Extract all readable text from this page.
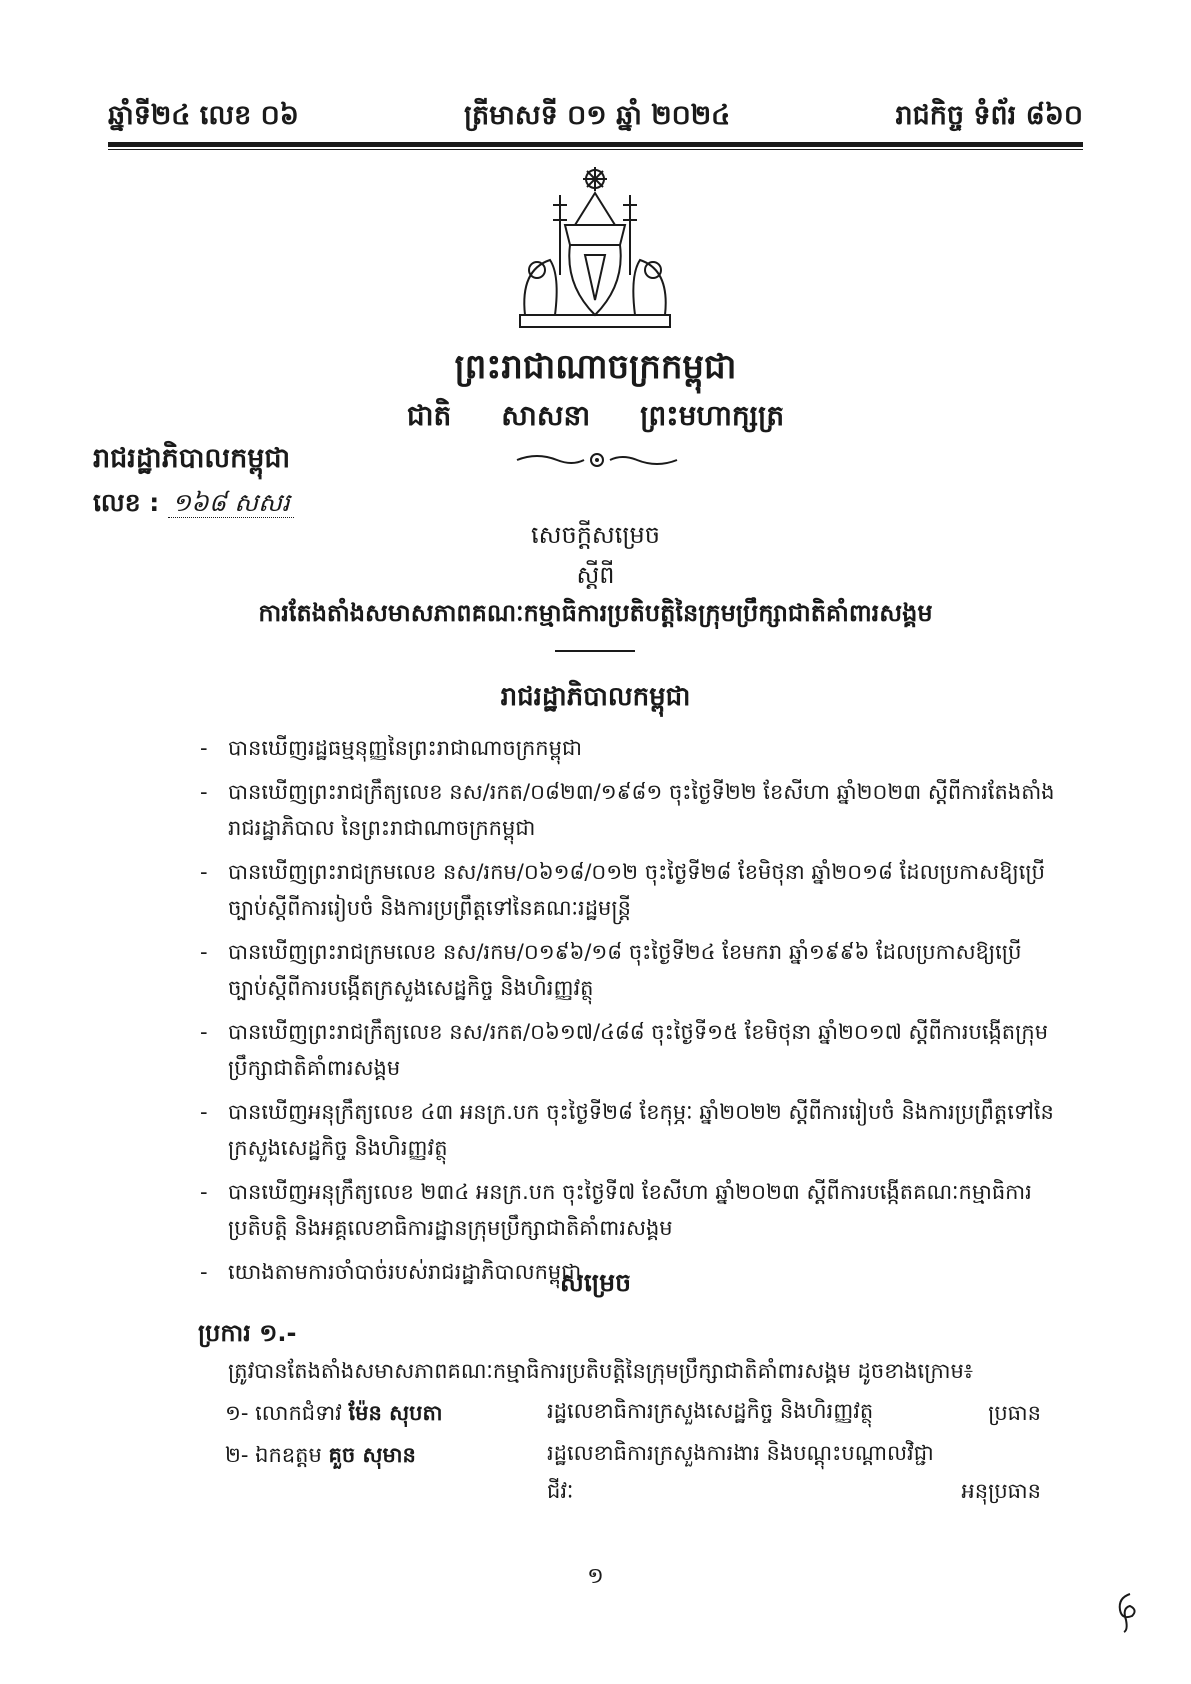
ឆ្នាំទី២៤ លេខ ០៦	ត្រីមាសទី ០១ ឆ្នាំ ២០២៤	រាជកិច្ច ទំព័រ ៨៦០
ព្រះរាជាណាចក្រកម្ពុជា
ជាតិ សាសនា ព្រះមហាក្សត្រ
រាជរដ្ឋាភិបាលកម្ពុជា
លេខ : ១៦៨ សសរ
សេចក្តីសម្រេច
ស្តីពី
ការតែងតាំងសមាសភាពគណៈកម្មាធិការប្រតិបត្តិនៃក្រុមប្រឹក្សាជាតិគាំពារសង្គម
រាជរដ្ឋាភិបាលកម្ពុជា
- បានឃើញរដ្ឋធម្មនុញ្ញនៃព្រះរាជាណាចក្រកម្ពុជា
- បានឃើញព្រះរាជក្រឹត្យលេខ នស/រកត/០៨២៣/១៩៨១ ចុះថ្ងៃទី២២ ខែសីហា ឆ្នាំ២០២៣ ស្តីពីការតែងតាំងរាជរដ្ឋាភិបាល នៃព្រះរាជាណាចក្រកម្ពុជា
- បានឃើញព្រះរាជក្រមលេខ នស/រកម/០៦១៨/០១២ ចុះថ្ងៃទី២៨ ខែមិថុនា ឆ្នាំ២០១៨ ដែលប្រកាសឱ្យប្រើច្បាប់ស្តីពីការរៀបចំ និងការប្រព្រឹត្តទៅនៃគណៈរដ្ឋមន្ត្រី
- បានឃើញព្រះរាជក្រមលេខ នស/រកម/០១៩៦/១៨ ចុះថ្ងៃទី២៤ ខែមករា ឆ្នាំ១៩៩៦ ដែលប្រកាសឱ្យប្រើច្បាប់ស្តីពីការបង្កើតក្រសួងសេដ្ឋកិច្ច និងហិរញ្ញវត្ថុ
- បានឃើញព្រះរាជក្រឹត្យលេខ នស/រកត/០៦១៧/៤៨៨ ចុះថ្ងៃទី១៥ ខែមិថុនា ឆ្នាំ២០១៧ ស្តីពីការបង្កើតក្រុមប្រឹក្សាជាតិគាំពារសង្គម
- បានឃើញអនុក្រឹត្យលេខ ៤៣ អនក្រ.បក ចុះថ្ងៃទី២៨ ខែកុម្ភៈ ឆ្នាំ២០២២ ស្តីពីការរៀបចំ និងការប្រព្រឹត្តទៅនៃក្រសួងសេដ្ឋកិច្ច និងហិរញ្ញវត្ថុ
- បានឃើញអនុក្រឹត្យលេខ ២៣៤ អនក្រ.បក ចុះថ្ងៃទី៧ ខែសីហា ឆ្នាំ២០២៣ ស្តីពីការបង្កើតគណៈកម្មាធិការប្រតិបត្តិ និងអគ្គលេខាធិការដ្ឋានក្រុមប្រឹក្សាជាតិគាំពារសង្គម
- យោងតាមការចាំបាច់របស់រាជរដ្ឋាភិបាលកម្ពុជា
សម្រេច
ប្រការ ១.-
ត្រូវបានតែងតាំងសមាសភាពគណៈកម្មាធិការប្រតិបត្តិនៃក្រុមប្រឹក្សាជាតិគាំពារសង្គម ដូចខាងក្រោម៖
១- លោកជំទាវ ម៉ែន សុបតា	រដ្ឋលេខាធិការក្រសួងសេដ្ឋកិច្ច និងហិរញ្ញវត្ថុ	ប្រធាន
២- ឯកឧត្តម គួច សុមាន	រដ្ឋលេខាធិការក្រសួងការងារ និងបណ្តុះបណ្តាលវិជ្ជាជីវៈ	អនុប្រធាន
១
